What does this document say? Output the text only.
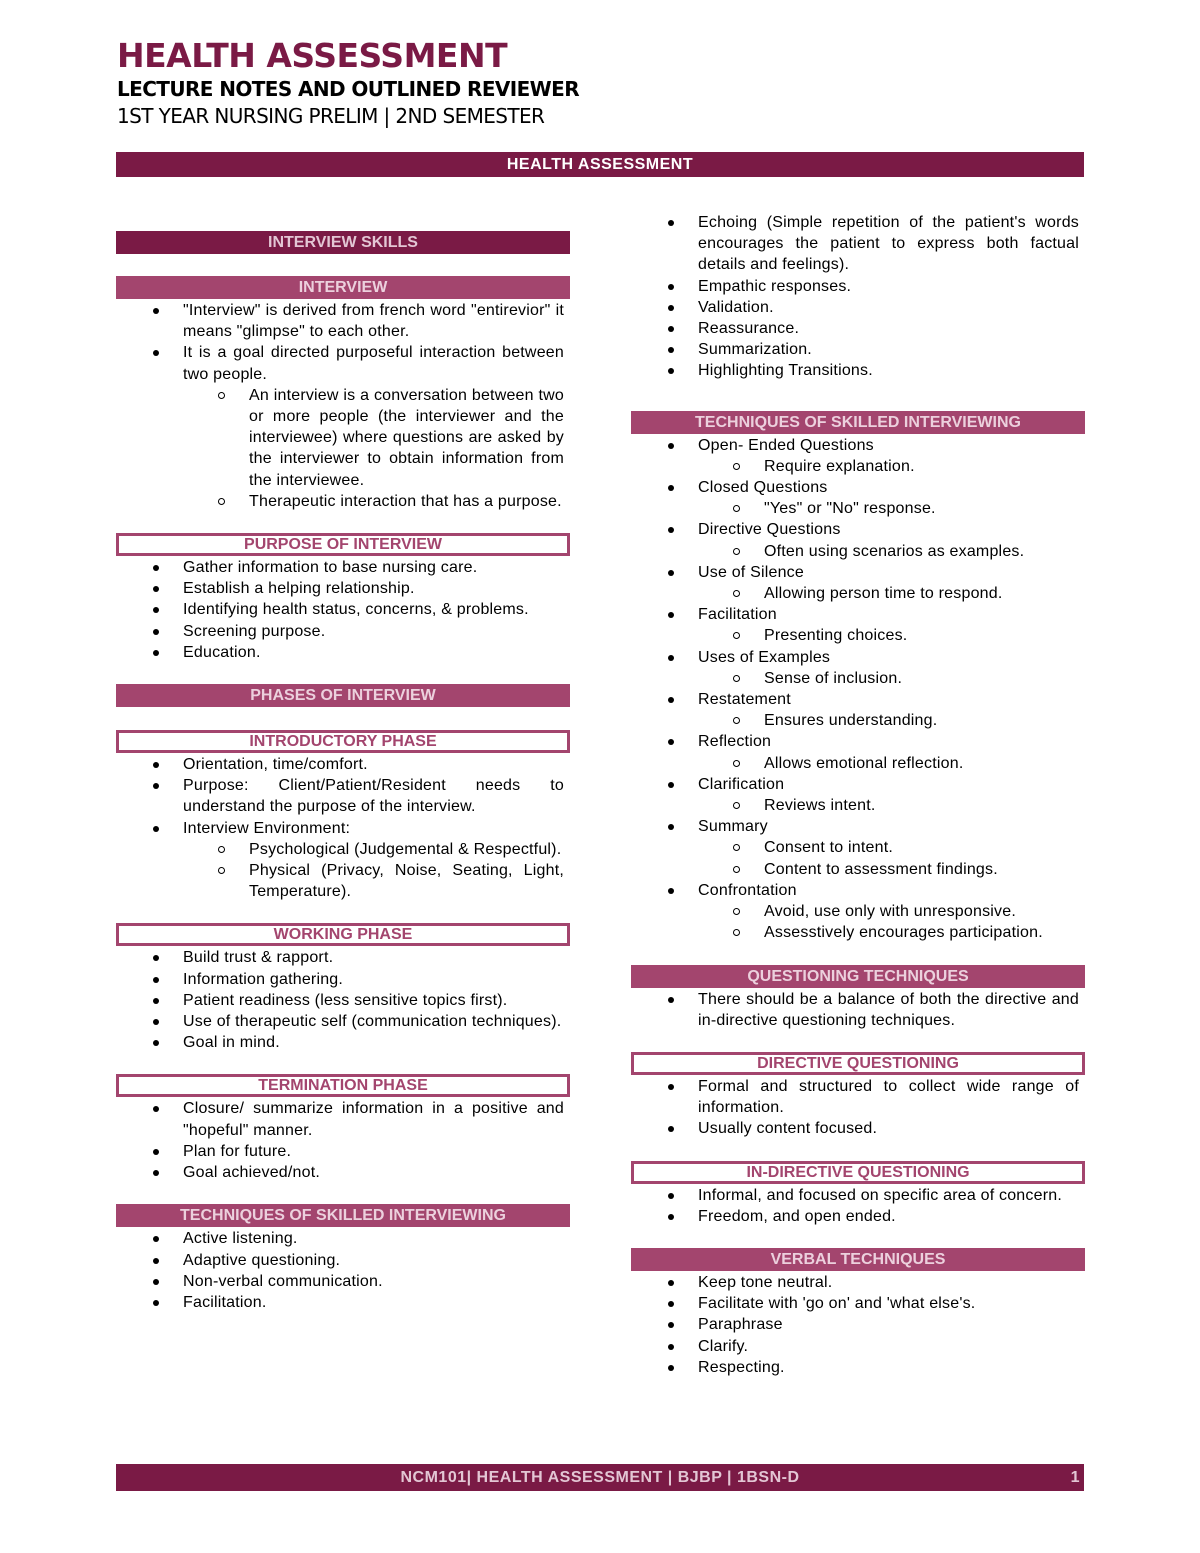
HEALTH ASSESSMENT
LECTURE NOTES AND OUTLINED REVIEWER
1ST YEAR NURSING PRELIM | 2ND SEMESTER
HEALTH ASSESSMENT
INTERVIEW SKILLS
INTERVIEW
"Interview" is derived from french word "entirevior" it means "glimpse" to each other.
It is a goal directed purposeful interaction between two people.
An interview is a conversation between two or more people (the interviewer and the interviewee) where questions are asked by the interviewer to obtain information from the interviewee.
Therapeutic interaction that has a purpose.
PURPOSE OF INTERVIEW
Gather information to base nursing care.
Establish a helping relationship.
Identifying health status, concerns, & problems.
Screening purpose.
Education.
PHASES OF INTERVIEW
INTRODUCTORY PHASE
Orientation, time/comfort.
Purpose: Client/Patient/Resident needs to understand the purpose of the interview.
Interview Environment:
Psychological (Judgemental & Respectful).
Physical (Privacy, Noise, Seating, Light, Temperature).
WORKING PHASE
Build trust & rapport.
Information gathering.
Patient readiness (less sensitive topics first).
Use of therapeutic self (communication techniques).
Goal in mind.
TERMINATION PHASE
Closure/ summarize information in a positive and "hopeful" manner.
Plan for future.
Goal achieved/not.
TECHNIQUES OF SKILLED INTERVIEWING
Active listening.
Adaptive questioning.
Non-verbal communication.
Facilitation.
Echoing (Simple repetition of the patient's words encourages the patient to express both factual details and feelings).
Empathic responses.
Validation.
Reassurance.
Summarization.
Highlighting Transitions.
TECHNIQUES OF SKILLED INTERVIEWING
Open- Ended Questions
Require explanation.
Closed Questions
"Yes" or "No" response.
Directive Questions
Often using scenarios as examples.
Use of Silence
Allowing person time to respond.
Facilitation
Presenting choices.
Uses of Examples
Sense of inclusion.
Restatement
Ensures understanding.
Reflection
Allows emotional reflection.
Clarification
Reviews intent.
Summary
Consent to intent.
Content to assessment findings.
Confrontation
Avoid, use only with unresponsive.
Assesstively encourages participation.
QUESTIONING TECHNIQUES
There should be a balance of both the directive and in-directive questioning techniques.
DIRECTIVE QUESTIONING
Formal and structured to collect wide range of information.
Usually content focused.
IN-DIRECTIVE QUESTIONING
Informal, and focused on specific area of concern.
Freedom, and open ended.
VERBAL TECHNIQUES
Keep tone neutral.
Facilitate with 'go on' and 'what else's.
Paraphrase
Clarify.
Respecting.
NCM101| HEALTH ASSESSMENT | BJBP | 1BSN-D	1
